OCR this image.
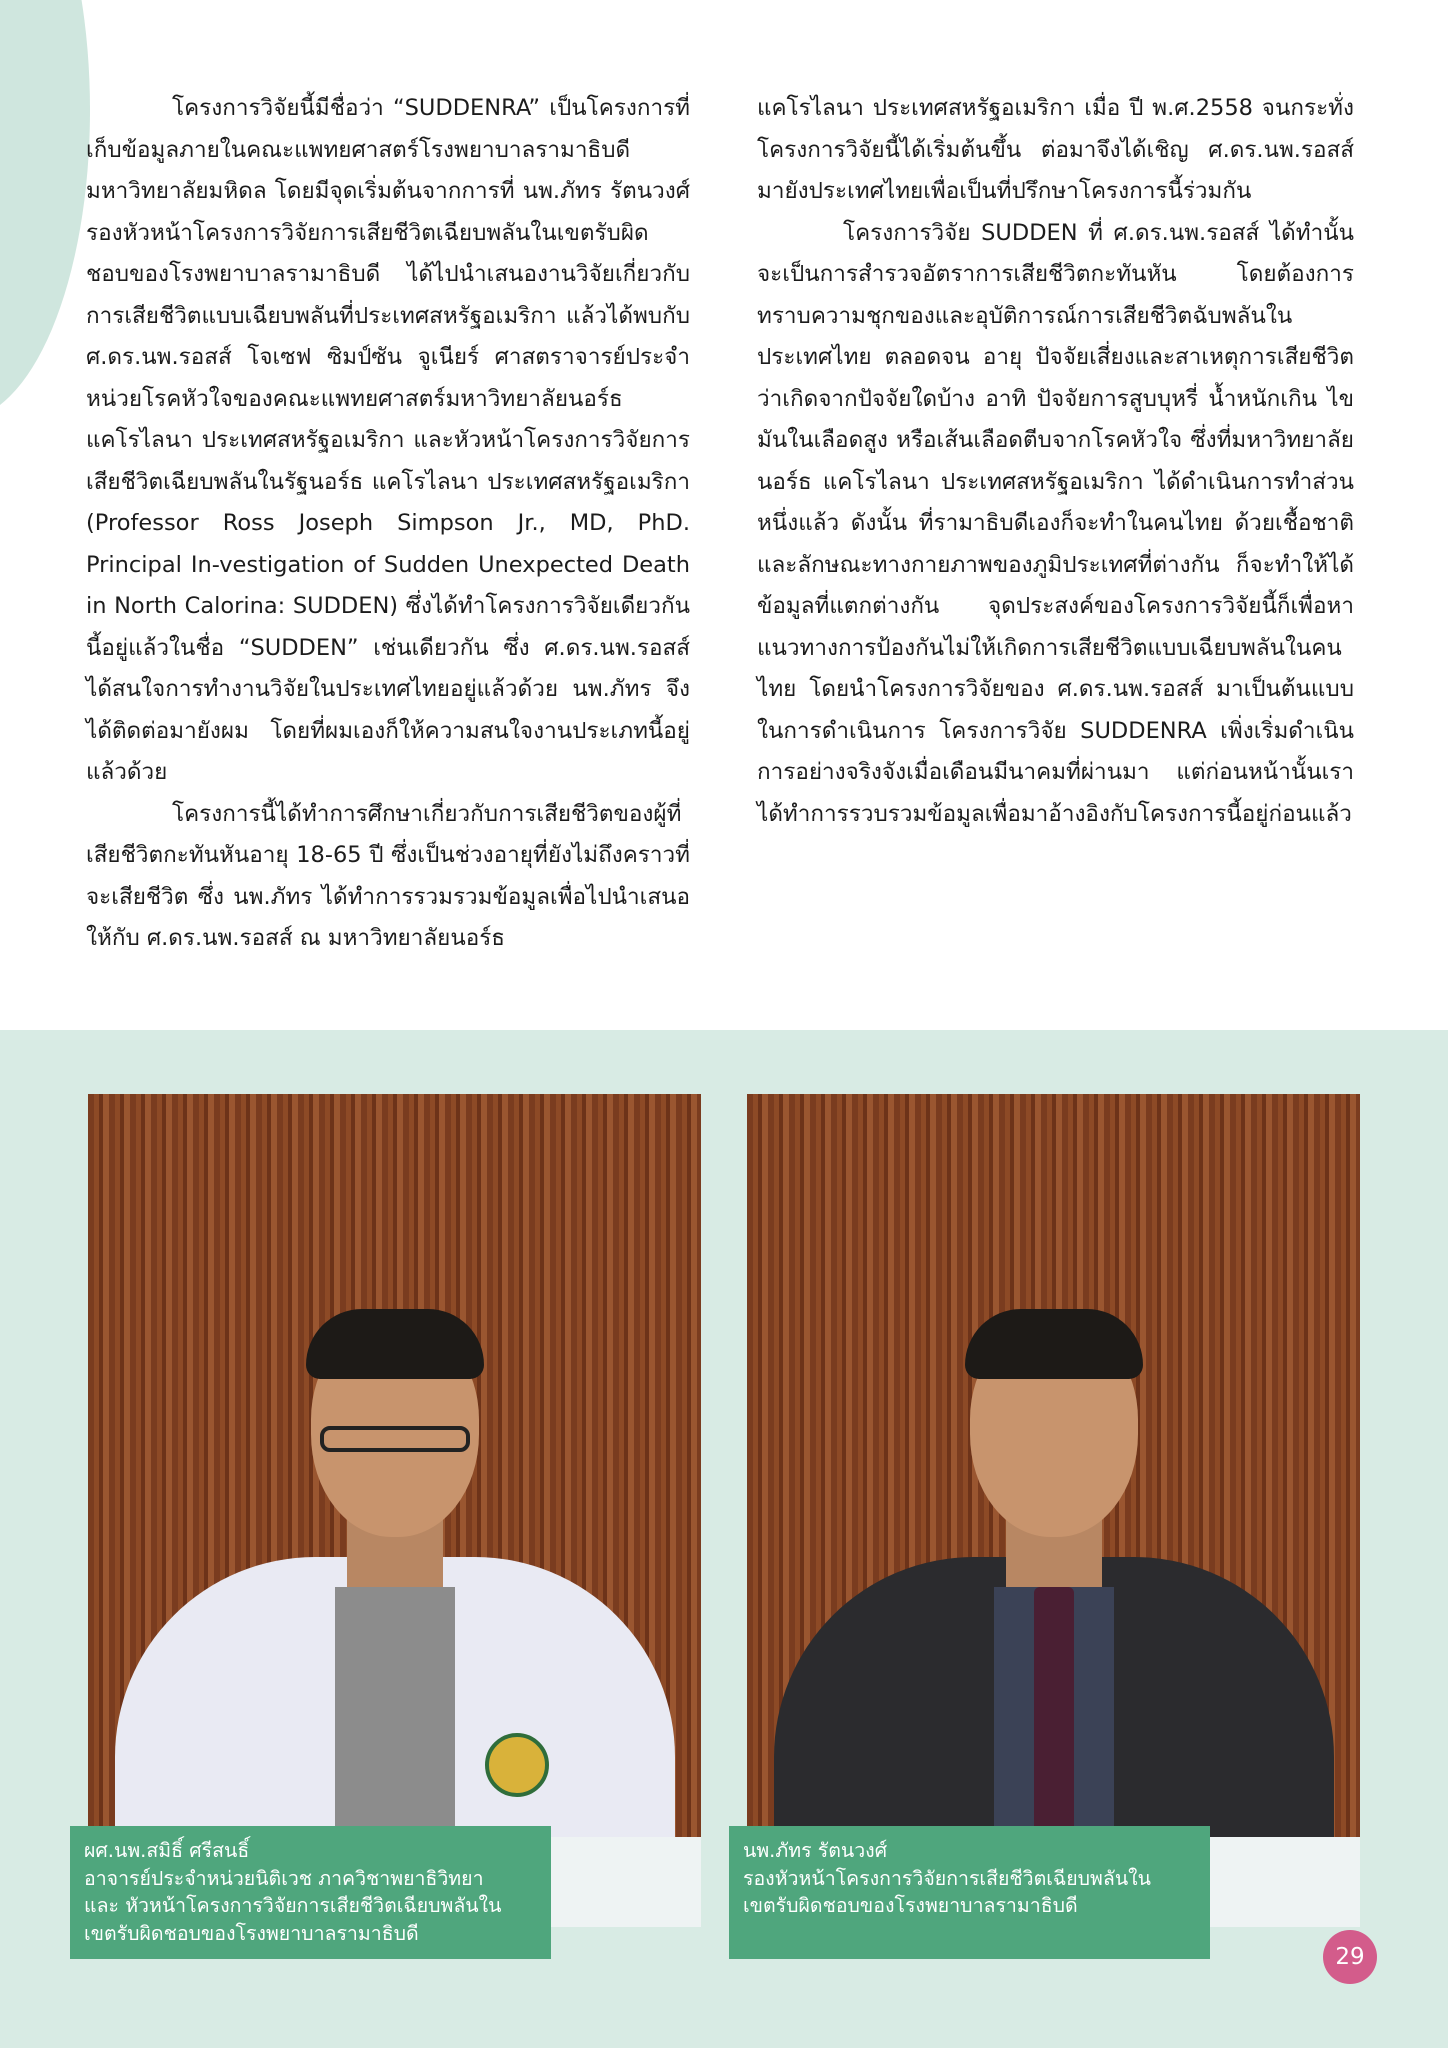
โครงการวิจัยนี้มีชื่อว่า “SUDDENRA” เป็นโครงการที่เก็บข้อมูลภายในคณะแพทยศาสตร์โรงพยาบาลรามาธิบดี มหาวิทยาลัยมหิดล โดยมีจุดเริ่มต้นจากการที่ นพ.ภัทร รัตนวงศ์ รองหัวหน้าโครงการวิจัยการเสียชีวิตเฉียบพลันในเขตรับผิดชอบของโรงพยาบาลรามาธิบดี ได้ไปนำเสนองานวิจัยเกี่ยวกับการเสียชีวิตแบบเฉียบพลันที่ประเทศสหรัฐอเมริกา แล้วได้พบกับ ศ.ดร.นพ.รอสส์ โจเซฟ ซิมป์ซัน จูเนียร์ ศาสตราจารย์ประจำหน่วยโรคหัวใจของคณะแพทยศาสตร์มหาวิทยาลัยนอร์ธ แคโรไลนา ประเทศสหรัฐอเมริกา และหัวหน้าโครงการวิจัยการเสียชีวิตเฉียบพลันในรัฐนอร์ธ แคโรไลนา ประเทศสหรัฐอเมริกา (Professor Ross Joseph Simpson Jr., MD, PhD. Principal In-vestigation of Sudden Unexpected Death in North Calorina: SUDDEN) ซึ่งได้ทำโครงการวิจัยเดียวกันนี้อยู่แล้วในชื่อ “SUDDEN” เช่นเดียวกัน ซึ่ง ศ.ดร.นพ.รอสส์ ได้สนใจการทำงานวิจัยในประเทศไทยอยู่แล้วด้วย นพ.ภัทร จึงได้ติดต่อมายังผม โดยที่ผมเองก็ให้ความสนใจงานประเภทนี้อยู่แล้วด้วย

โครงการนี้ได้ทำการศึกษาเกี่ยวกับการเสียชีวิตของผู้ที่เสียชีวิตกะทันหันอายุ 18-65 ปี ซึ่งเป็นช่วงอายุที่ยังไม่ถึงคราวที่จะเสียชีวิต ซึ่ง นพ.ภัทร ได้ทำการรวมรวมข้อมูลเพื่อไปนำเสนอให้กับ ศ.ดร.นพ.รอสส์ ณ มหาวิทยาลัยนอร์ธ

แคโรไลนา ประเทศสหรัฐอเมริกา เมื่อ ปี พ.ศ.2558 จนกระทั่งโครงการวิจัยนี้ได้เริ่มต้นขึ้น ต่อมาจึงได้เชิญ ศ.ดร.นพ.รอสส์มายังประเทศไทยเพื่อเป็นที่ปรึกษาโครงการนี้ร่วมกัน

โครงการวิจัย SUDDEN ที่ ศ.ดร.นพ.รอสส์ ได้ทำนั้นจะเป็นการสำรวจอัตราการเสียชีวิตกะทันหัน โดยต้องการทราบความชุกของและอุบัติการณ์การเสียชีวิตฉับพลันในประเทศไทย ตลอดจน อายุ ปัจจัยเสี่ยงและสาเหตุการเสียชีวิตว่าเกิดจากปัจจัยใดบ้าง อาทิ ปัจจัยการสูบบุหรี่ น้ำหนักเกิน ไขมันในเลือดสูง หรือเส้นเลือดตีบจากโรคหัวใจ ซึ่งที่มหาวิทยาลัยนอร์ธ แคโรไลนา ประเทศสหรัฐอเมริกา ได้ดำเนินการทำส่วนหนึ่งแล้ว ดังนั้น ที่รามาธิบดีเองก็จะทำในคนไทย ด้วยเชื้อชาติและลักษณะทางกายภาพของภูมิประเทศที่ต่างกัน ก็จะทำให้ได้ข้อมูลที่แตกต่างกัน จุดประสงค์ของโครงการวิจัยนี้ก็เพื่อหาแนวทางการป้องกันไม่ให้เกิดการเสียชีวิตแบบเฉียบพลันในคนไทย โดยนำโครงการวิจัยของ ศ.ดร.นพ.รอสส์ มาเป็นต้นแบบในการดำเนินการ โครงการวิจัย SUDDENRA เพิ่งเริ่มดำเนินการอย่างจริงจังเมื่อเดือนมีนาคมที่ผ่านมา แต่ก่อนหน้านั้นเราได้ทำการรวบรวมข้อมูลเพื่อมาอ้างอิงกับโครงการนี้อยู่ก่อนแล้ว

ผศ.นพ.สมิธิ์ ศรีสนธิ์
อาจารย์ประจำหน่วยนิติเวช ภาควิชาพยาธิวิทยา
และ หัวหน้าโครงการวิจัยการเสียชีวิตเฉียบพลันใน
เขตรับผิดชอบของโรงพยาบาลรามาธิบดี
นพ.ภัทร รัตนวงศ์
รองหัวหน้าโครงการวิจัยการเสียชีวิตเฉียบพลันใน
เขตรับผิดชอบของโรงพยาบาลรามาธิบดี
29
